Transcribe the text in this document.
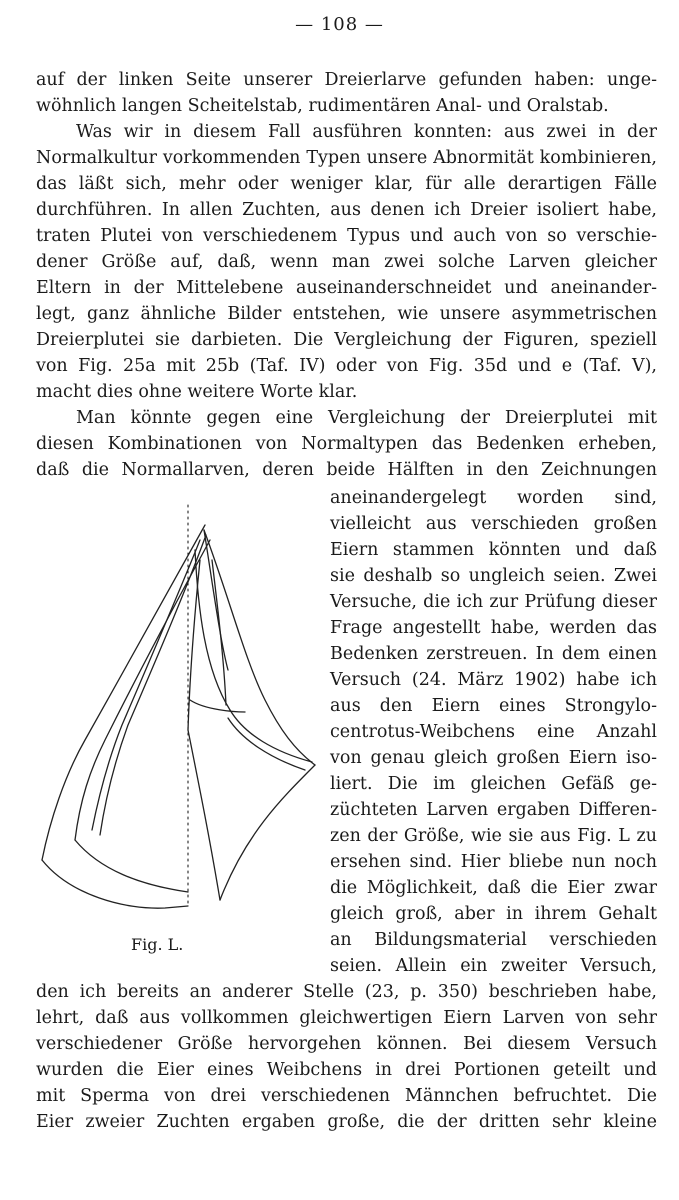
— 108 —
auf der linken Seite unserer Dreierlarve gefunden haben: unge-
wöhnlich langen Scheitelstab, rudimentären Anal- und Oralstab.
Was wir in diesem Fall ausführen konnten: aus zwei in der
Normalkultur vorkommenden Typen unsere Abnormität kombinieren,
das läßt sich, mehr oder weniger klar, für alle derartigen Fälle
durchführen. In allen Zuchten, aus denen ich Dreier isoliert habe,
traten Plutei von verschiedenem Typus und auch von so verschie-
dener Größe auf, daß, wenn man zwei solche Larven gleicher
Eltern in der Mittelebene auseinanderschneidet und aneinander-
legt, ganz ähnliche Bilder entstehen, wie unsere asymmetrischen
Dreierplutei sie darbieten. Die Vergleichung der Figuren, speziell
von Fig. 25a mit 25b (Taf. IV) oder von Fig. 35d und e (Taf. V),
macht dies ohne weitere Worte klar.
Man könnte gegen eine Vergleichung der Dreierplutei mit
diesen Kombinationen von Normaltypen das Bedenken erheben,
daß die Normallarven, deren beide Hälften in den Zeichnungen
aneinandergelegt worden sind,
vielleicht aus verschieden großen
Eiern stammen könnten und daß
sie deshalb so ungleich seien. Zwei
Versuche, die ich zur Prüfung dieser
Frage angestellt habe, werden das
Bedenken zerstreuen. In dem einen
Versuch (24. März 1902) habe ich
aus den Eiern eines Strongylo-
centrotus-Weibchens eine Anzahl
von genau gleich großen Eiern iso-
liert. Die im gleichen Gefäß ge-
züchteten Larven ergaben Differen-
zen der Größe, wie sie aus Fig. L zu
ersehen sind. Hier bliebe nun noch
die Möglichkeit, daß die Eier zwar
gleich groß, aber in ihrem Gehalt
an Bildungsmaterial verschieden
seien. Allein ein zweiter Versuch,
den ich bereits an anderer Stelle (23, p. 350) beschrieben habe,
lehrt, daß aus vollkommen gleichwertigen Eiern Larven von sehr
verschiedener Größe hervorgehen können. Bei diesem Versuch
wurden die Eier eines Weibchens in drei Portionen geteilt und
mit Sperma von drei verschiedenen Männchen befruchtet. Die
Eier zweier Zuchten ergaben große, die der dritten sehr kleine
Fig. L.
